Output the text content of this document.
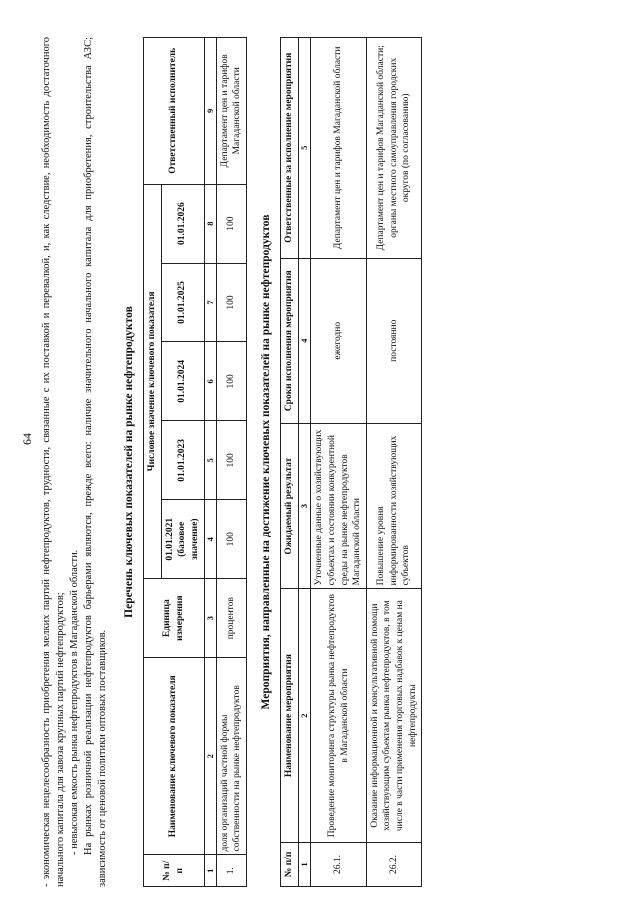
64 - экономическая нецелесообразность приобретения мелких партий нефтепродуктов, трудности, связанные с их поставкой и перевалкой, и, как следствие, необходимость достаточного начального капитала для завоза крупных партий нефтепродуктов; - невысокая емкость рынка нефтепродуктов в Магаданской области. На рынках розничной реализации нефтепродуктов барьерами являются, прежде всего: наличие значительного начального капитала для приобретения, строительства АЗС; зависимость от ценовой политики оптовых поставщиков.

Перечень ключевых показателей на рынке нефтепродуктов
№ п/п	Наименование ключевого показателя	Единица измерения	Числовое значение ключевого показателя					Ответственный исполнитель
			01.01.2021 (базовое значение)	01.01.2023	01.01.2024	01.01.2025	01.01.2026	
1	2	3	4	5	6	7	8	9
1.	доля организаций частной формы собственности на рынке нефтепродуктов	процентов	100	100	100	100	100	Департамент цен и тарифов Магаданской области
Мероприятия, направленные на достижение ключевых показателей на рынке нефтепродуктов
№ п/п	Наименование мероприятия	Ожидаемый результат	Сроки исполнения мероприятия	Ответственные за исполнение мероприятия
1	2	3	4	5
26.1.	Проведение мониторинга структуры рынка нефтепродуктов в Магаданской области	Уточненные данные о хозяйствующих субъектах и состоянии конкурентной среды на рынке нефтепродуктов Магаданской области	ежегодно	Департамент цен и тарифов Магаданской области
26.2.	Оказание информационной и консультативной помощи хозяйствующим субъектам рынка нефтепродуктов, в том числе в части применения торговых надбавок к ценам на нефтепродукты	Повышение уровня информированности хозяйствующих субъектов	постоянно	Департамент цен и тарифов Магаданской области; органы местного самоуправления городских округов (по согласованию)
